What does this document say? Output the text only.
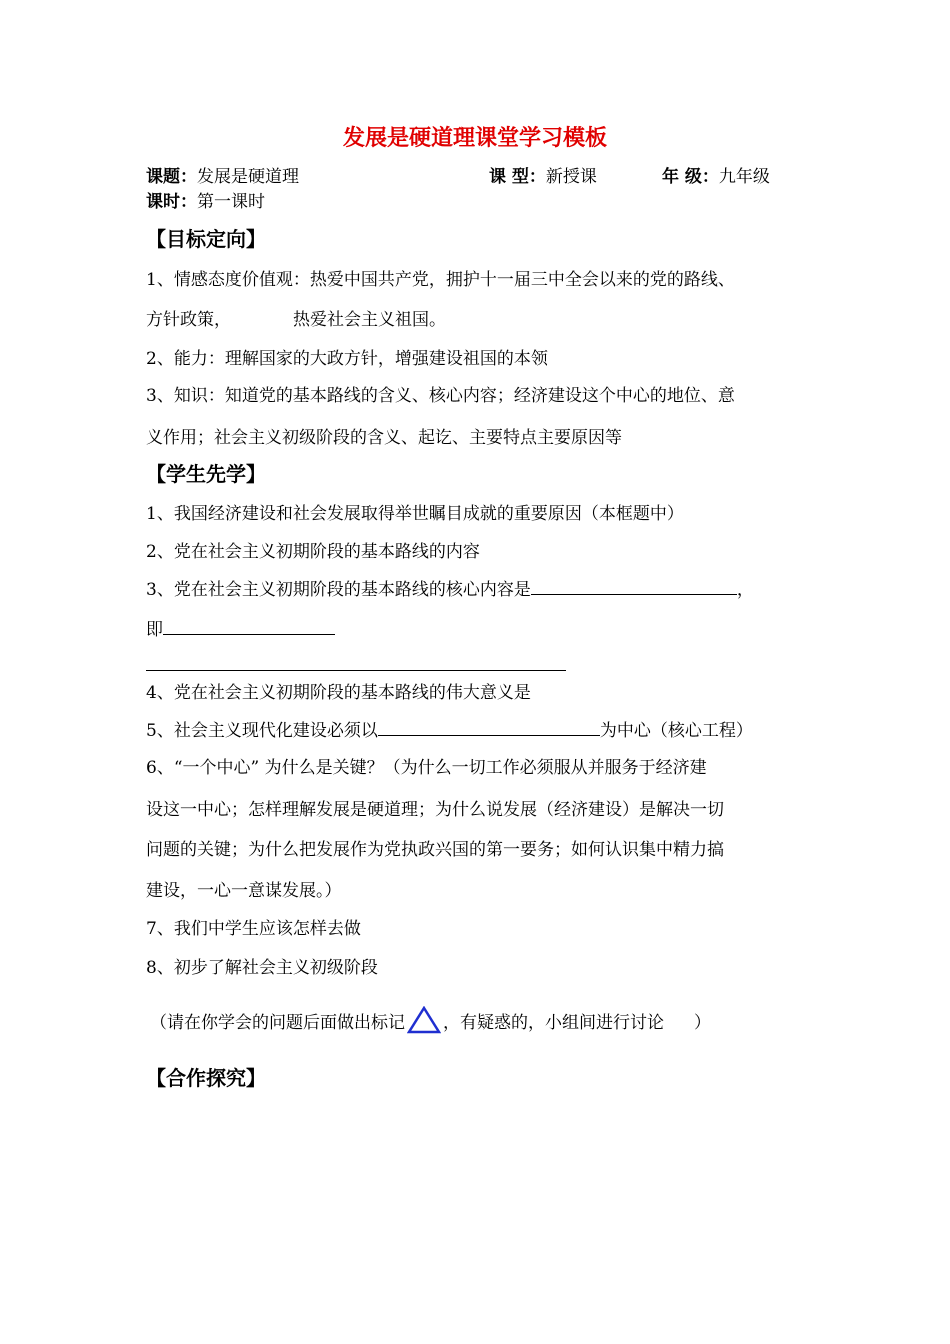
发展是硬道理课堂学习模板
课题：发展是硬道理	课 型：新授课	年 级：九年级
课时：第一课时
【目标定向】
1、情感态度价值观：热爱中国共产党，拥护十一届三中全会以来的党的路线、
方针政策，	热爱社会主义祖国。
2、能力：理解国家的大政方针，增强建设祖国的本领
3、知识：知道党的基本路线的含义、核心内容；经济建设这个中心的地位、意
义作用；社会主义初级阶段的含义、起讫、主要特点主要原因等
【学生先学】
1、我国经济建设和社会发展取得举世瞩目成就的重要原因（本框题中）
2、党在社会主义初期阶段的基本路线的内容
3、党在社会主义初期阶段的基本路线的核心内容是	，
即
4、党在社会主义初期阶段的基本路线的伟大意义是
5、社会主义现代化建设必须以	为中心（核心工程）
6、“一个中心” 为什么是关键？（为什么一切工作必须服从并服务于经济建
设这一中心；怎样理解发展是硬道理；为什么说发展（经济建设）是解决一切
问题的关键；为什么把发展作为党执政兴国的第一要务；如何认识集中精力搞
建设，一心一意谋发展。）
7、我们中学生应该怎样去做
8、初步了解社会主义初级阶段
（请在你学会的问题后面做出标记 ，有疑惑的，小组间进行讨论 ）
【合作探究】
